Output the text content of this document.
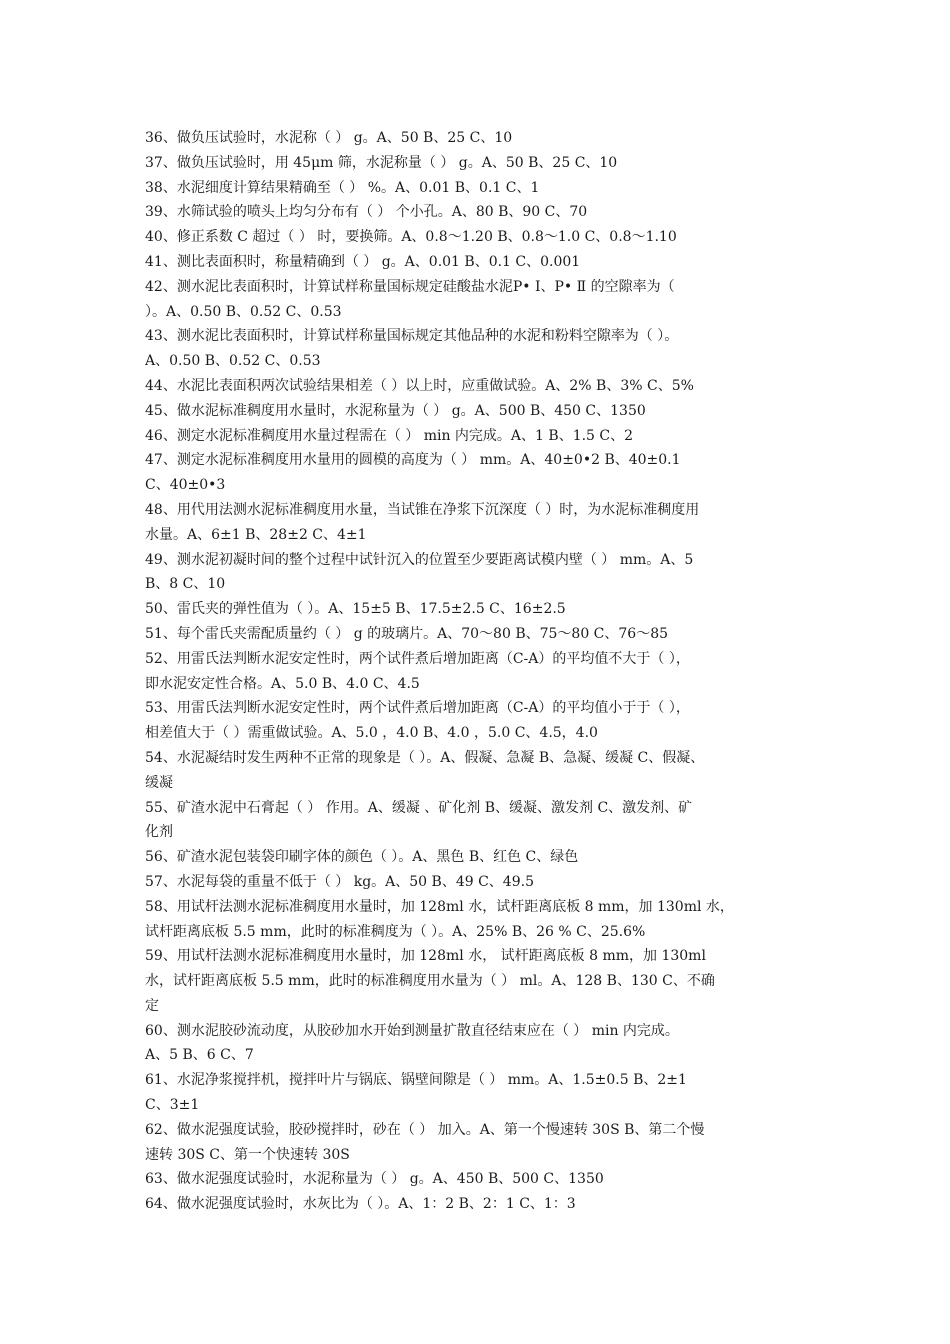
36、做负压试验时，水泥称（ ） g。A、50 B、25 C、10
37、做负压试验时，用 45μm 筛，水泥称量（ ） g。A、50 B、25 C、10
38、水泥细度计算结果精确至（ ） %。A、0.01 B、0.1 C、1
39、水筛试验的喷头上均匀分布有（ ） 个小孔。A、80 B、90 C、70
40、修正系数 C 超过（ ） 时，要换筛。A、0.8～1.20 B、0.8～1.0 C、0.8～1.10
41、测比表面积时，称量精确到（ ） g。A、0.01 B、0.1 C、0.001
42、测水泥比表面积时，计算试样称量国标规定硅酸盐水泥P• Ⅰ、P• Ⅱ 的空隙率为（
）。A、0.50 B、0.52 C、0.53
43、测水泥比表面积时，计算试样称量国标规定其他品种的水泥和粉料空隙率为（ ）。
A、0.50 B、0.52 C、0.53
44、水泥比表面积两次试验结果相差（ ）以上时，应重做试验。A、2% B、3% C、5%
45、做水泥标准稠度用水量时，水泥称量为（ ） g。A、500 B、450 C、1350
46、测定水泥标准稠度用水量过程需在（ ） min 内完成。A、1 B、1.5 C、2
47、测定水泥标准稠度用水量用的圆模的高度为（ ） mm。A、40±0•2 B、40±0.1
C、40±0•3
48、用代用法测水泥标准稠度用水量，当试锥在净浆下沉深度（ ）时，为水泥标准稠度用
水量。A、6±1 B、28±2 C、4±1
49、测水泥初凝时间的整个过程中试针沉入的位置至少要距离试模内壁（ ） mm。A、5
B、8 C、10
50、雷氏夹的弹性值为（ ）。A、15±5 B、17.5±2.5 C、16±2.5
51、每个雷氏夹需配质量约（ ） g 的玻璃片。A、70～80 B、75～80 C、76～85
52、用雷氏法判断水泥安定性时，两个试件煮后增加距离（C-A）的平均值不大于（ ），
即水泥安定性合格。A、5.0 B、4.0 C、4.5
53、用雷氏法判断水泥安定性时，两个试件煮后增加距离（C-A）的平均值小于于（ ），
相差值大于（ ）需重做试验。A、5.0 ，4.0 B、4.0 ，5.0 C、4.5，4.0
54、水泥凝结时发生两种不正常的现象是（ ）。A、假凝、急凝 B、急凝、缓凝 C、假凝、
缓凝
55、矿渣水泥中石膏起（ ） 作用。A、缓凝 、矿化剂 B、缓凝、激发剂 C、激发剂、矿
化剂
56、矿渣水泥包装袋印刷字体的颜色（ ）。A、黑色 B、红色 C、绿色
57、水泥每袋的重量不低于（ ） kg。A、50 B、49 C、49.5
58、用试杆法测水泥标准稠度用水量时，加 128ml 水，试杆距离底板 8 mm，加 130ml 水，
试杆距离底板 5.5 mm，此时的标准稠度为（ ）。A、25% B、26 % C、25.6%
59、用试杆法测水泥标准稠度用水量时，加 128ml 水， 试杆距离底板 8 mm，加 130ml
水，试杆距离底板 5.5 mm，此时的标准稠度用水量为（ ） ml。A、128 B、130 C、不确
定
60、测水泥胶砂流动度，从胶砂加水开始到测量扩散直径结束应在（ ） min 内完成。
A、5 B、6 C、7
61、水泥净浆搅拌机，搅拌叶片与锅底、锅壁间隙是（ ） mm。A、1.5±0.5 B、2±1
C、3±1
62、做水泥强度试验，胶砂搅拌时，砂在（ ） 加入。A、第一个慢速转 30S B、第二个慢
速转 30S C、第一个快速转 30S
63、做水泥强度试验时，水泥称量为（ ） g。A、450 B、500 C、1350
64、做水泥强度试验时，水灰比为（ ）。A、1：2 B、2：1 C、1：3
